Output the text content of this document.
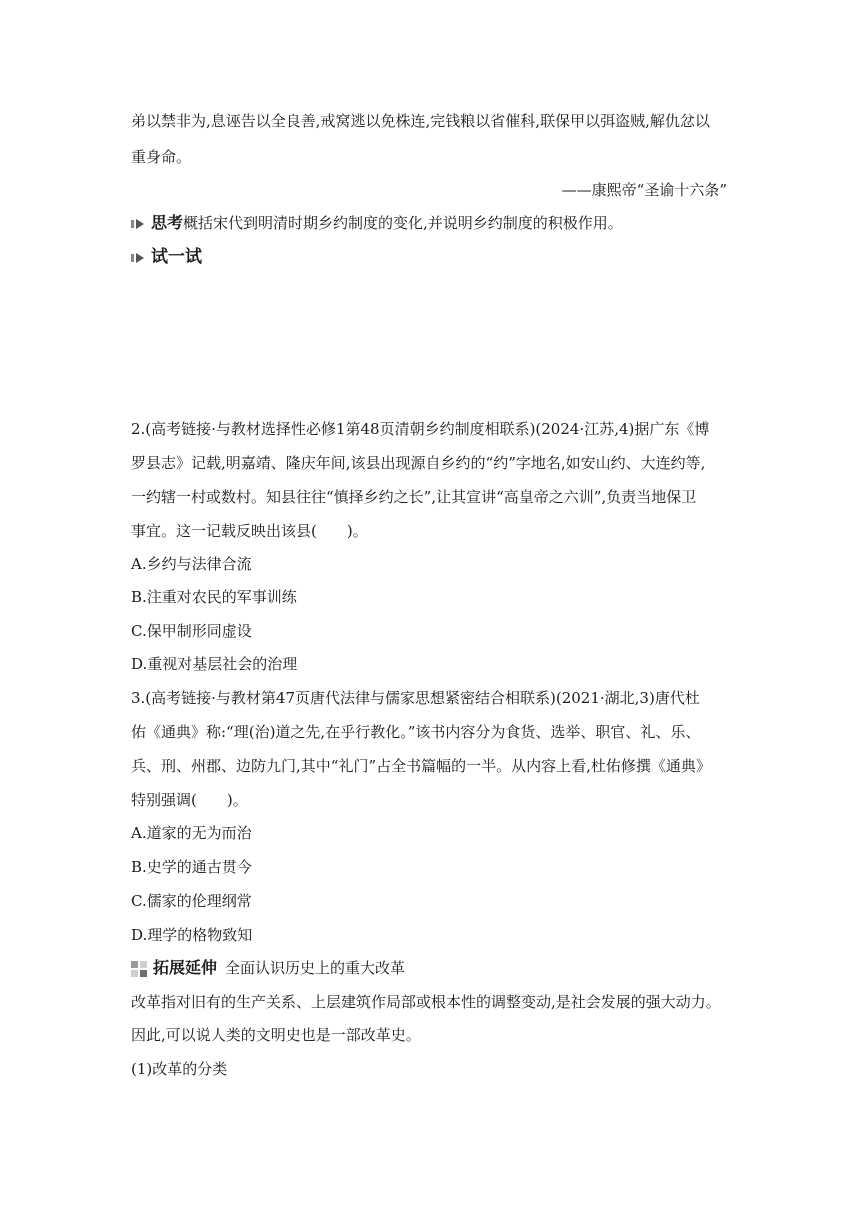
弟以禁非为,息诬告以全良善,戒窝逃以免株连,完钱粮以省催科,联保甲以弭盗贼,解仇忿以
重身命。
——康熙帝“圣谕十六条”
思考概括宋代到明清时期乡约制度的变化,并说明乡约制度的积极作用。
试一试
2.(高考链接·与教材选择性必修1第48页清朝乡约制度相联系)(2024·江苏,4)据广东《博
罗县志》记载,明嘉靖、隆庆年间,该县出现源自乡约的“约”字地名,如安山约、大连约等,
一约辖一村或数村。知县往往“慎择乡约之长”,让其宣讲“高皇帝之六训”,负责当地保卫
事宜。这一记载反映出该县(　　)。
A.乡约与法律合流
B.注重对农民的军事训练
C.保甲制形同虚设
D.重视对基层社会的治理
3.(高考链接·与教材第47页唐代法律与儒家思想紧密结合相联系)(2021·湖北,3)唐代杜
佑《通典》称:“理(治)道之先,在乎行教化。”该书内容分为食货、选举、职官、礼、乐、
兵、刑、州郡、边防九门,其中“礼门”占全书篇幅的一半。从内容上看,杜佑修撰《通典》
特别强调(　　)。
A.道家的无为而治
B.史学的通古贯今
C.儒家的伦理纲常
D.理学的格物致知
拓展延伸 全面认识历史上的重大改革
改革指对旧有的生产关系、上层建筑作局部或根本性的调整变动,是社会发展的强大动力。
因此,可以说人类的文明史也是一部改革史。
(1)改革的分类
